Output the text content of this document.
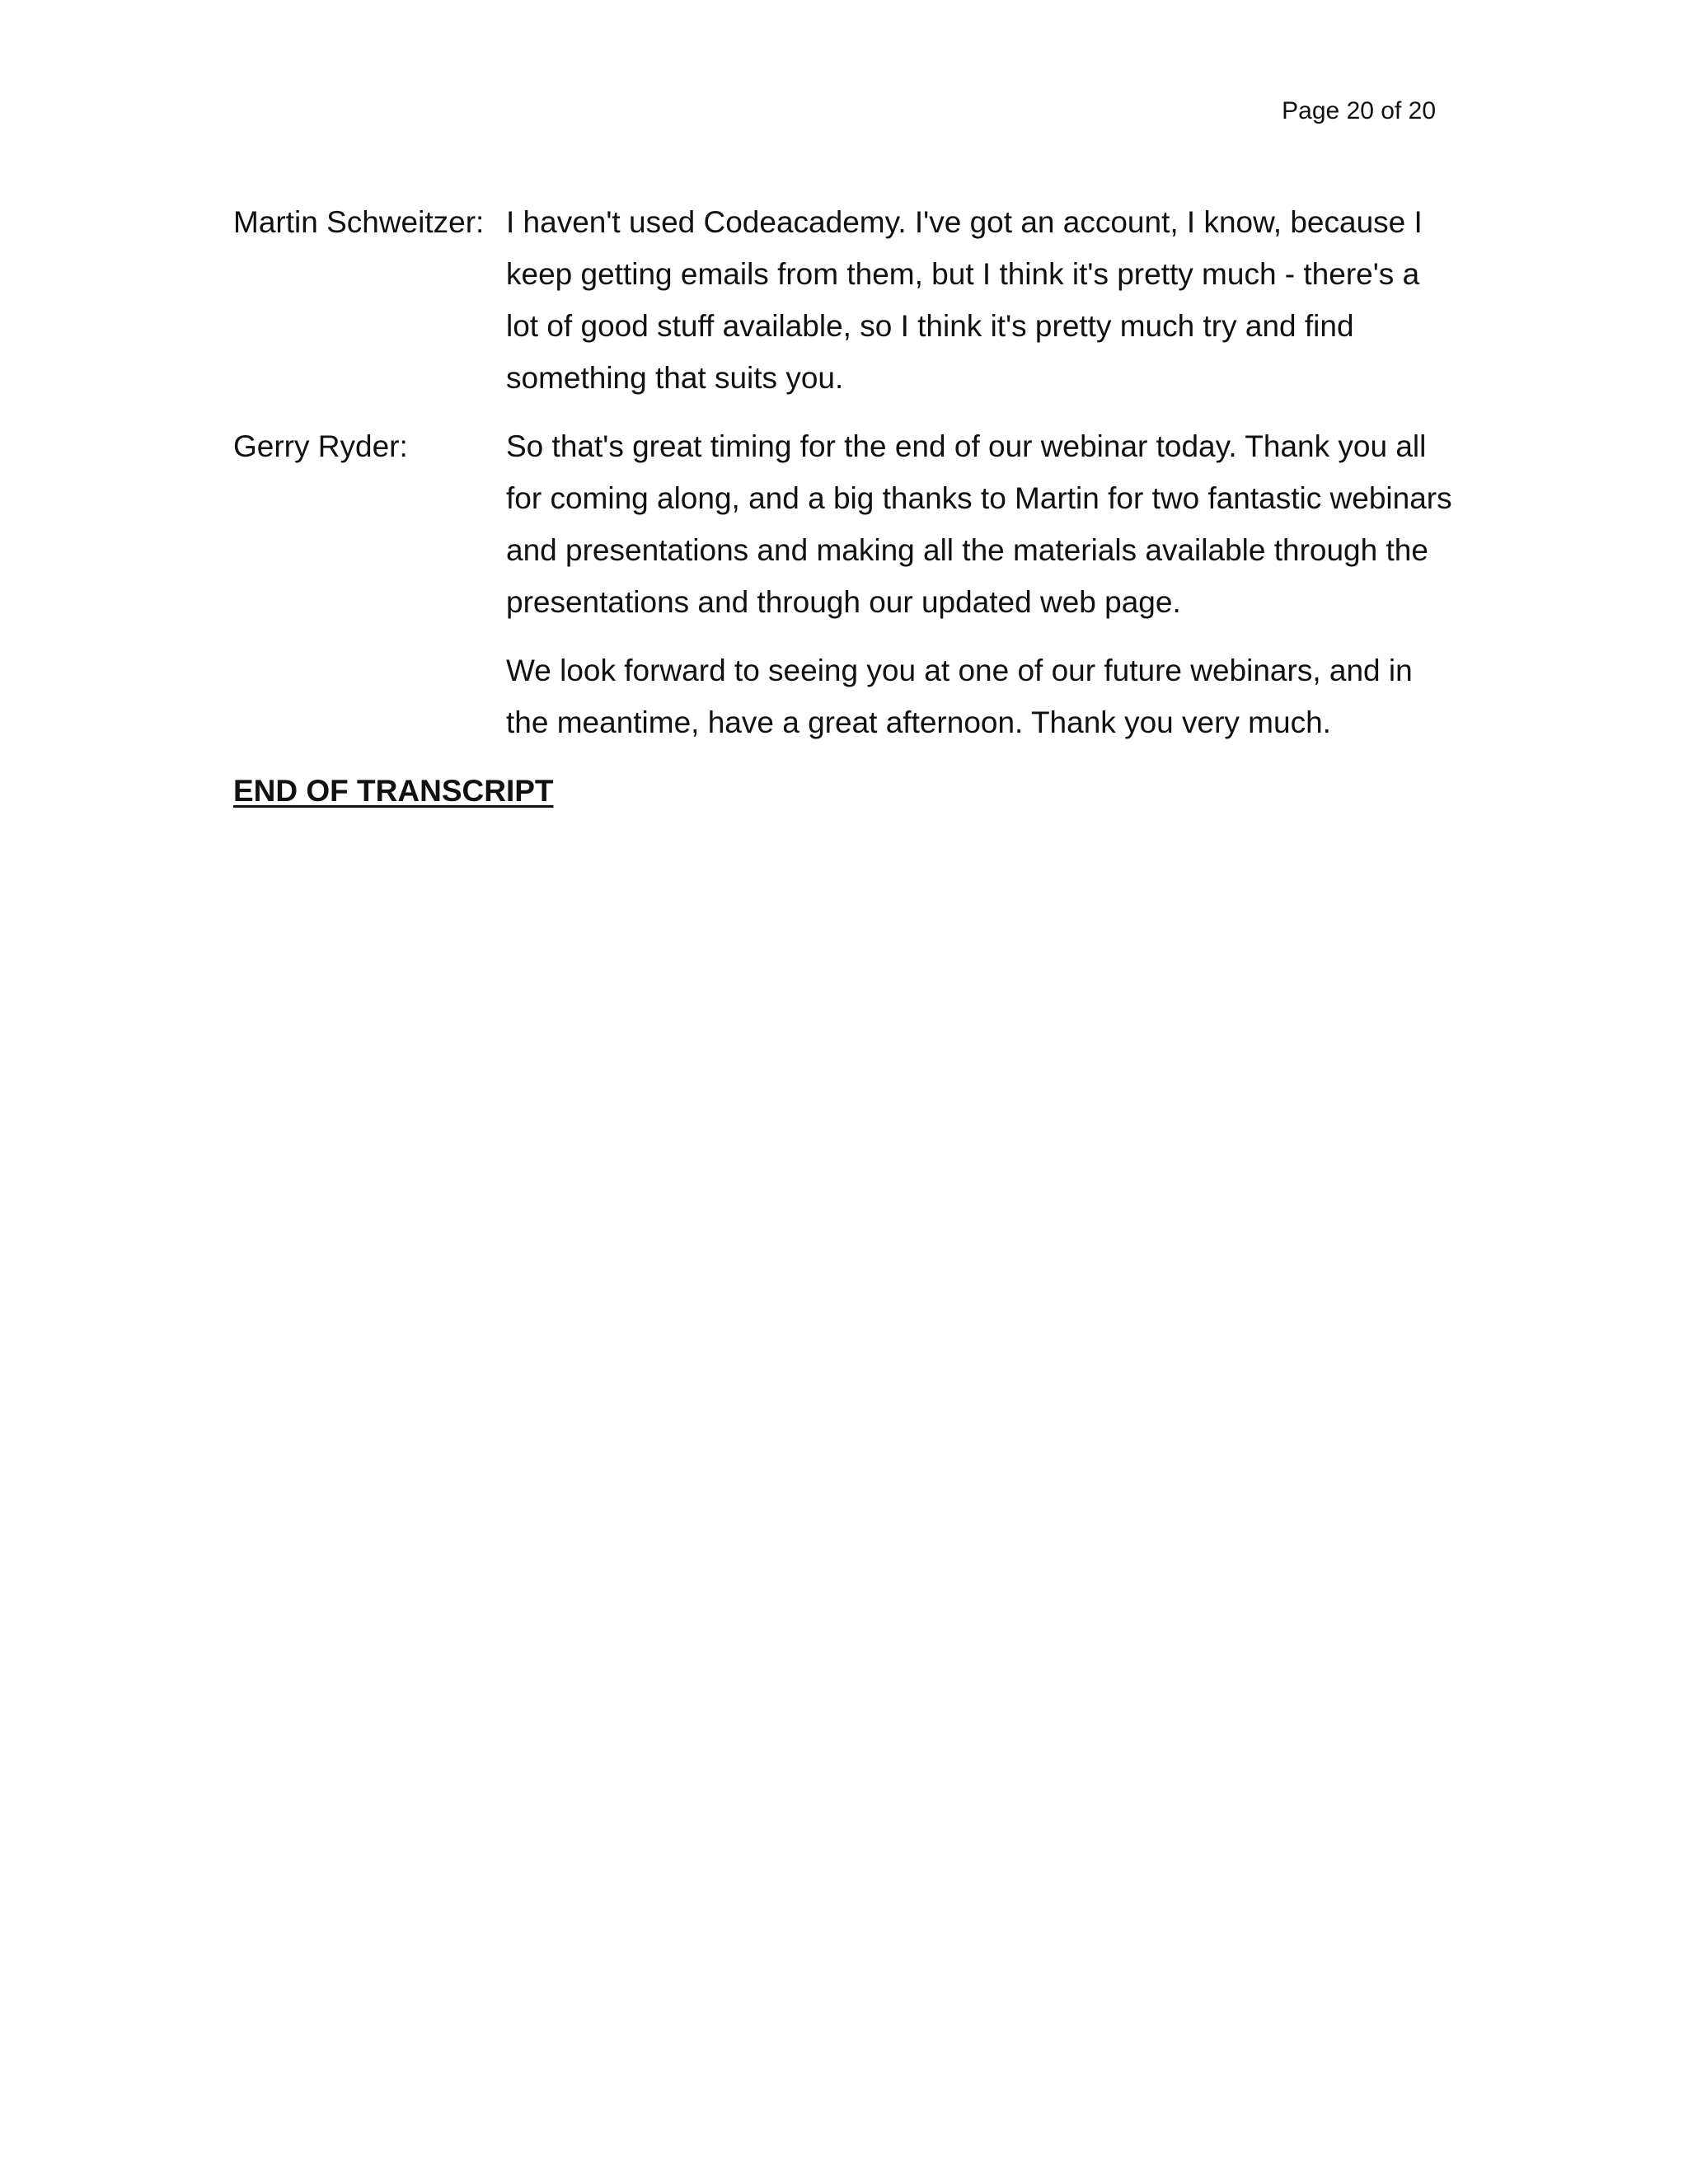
Page 20 of 20
Martin Schweitzer: I haven't used Codeacademy. I've got an account, I know, because I keep getting emails from them, but I think it's pretty much - there's a lot of good stuff available, so I think it's pretty much try and find something that suits you.

Gerry Ryder:	So that's great timing for the end of our webinar today. Thank you all for coming along, and a big thanks to Martin for two fantastic webinars and presentations and making all the materials available through the presentations and through our updated web page.

We look forward to seeing you at one of our future webinars, and in the meantime, have a great afternoon. Thank you very much.

END OF TRANSCRIPT
